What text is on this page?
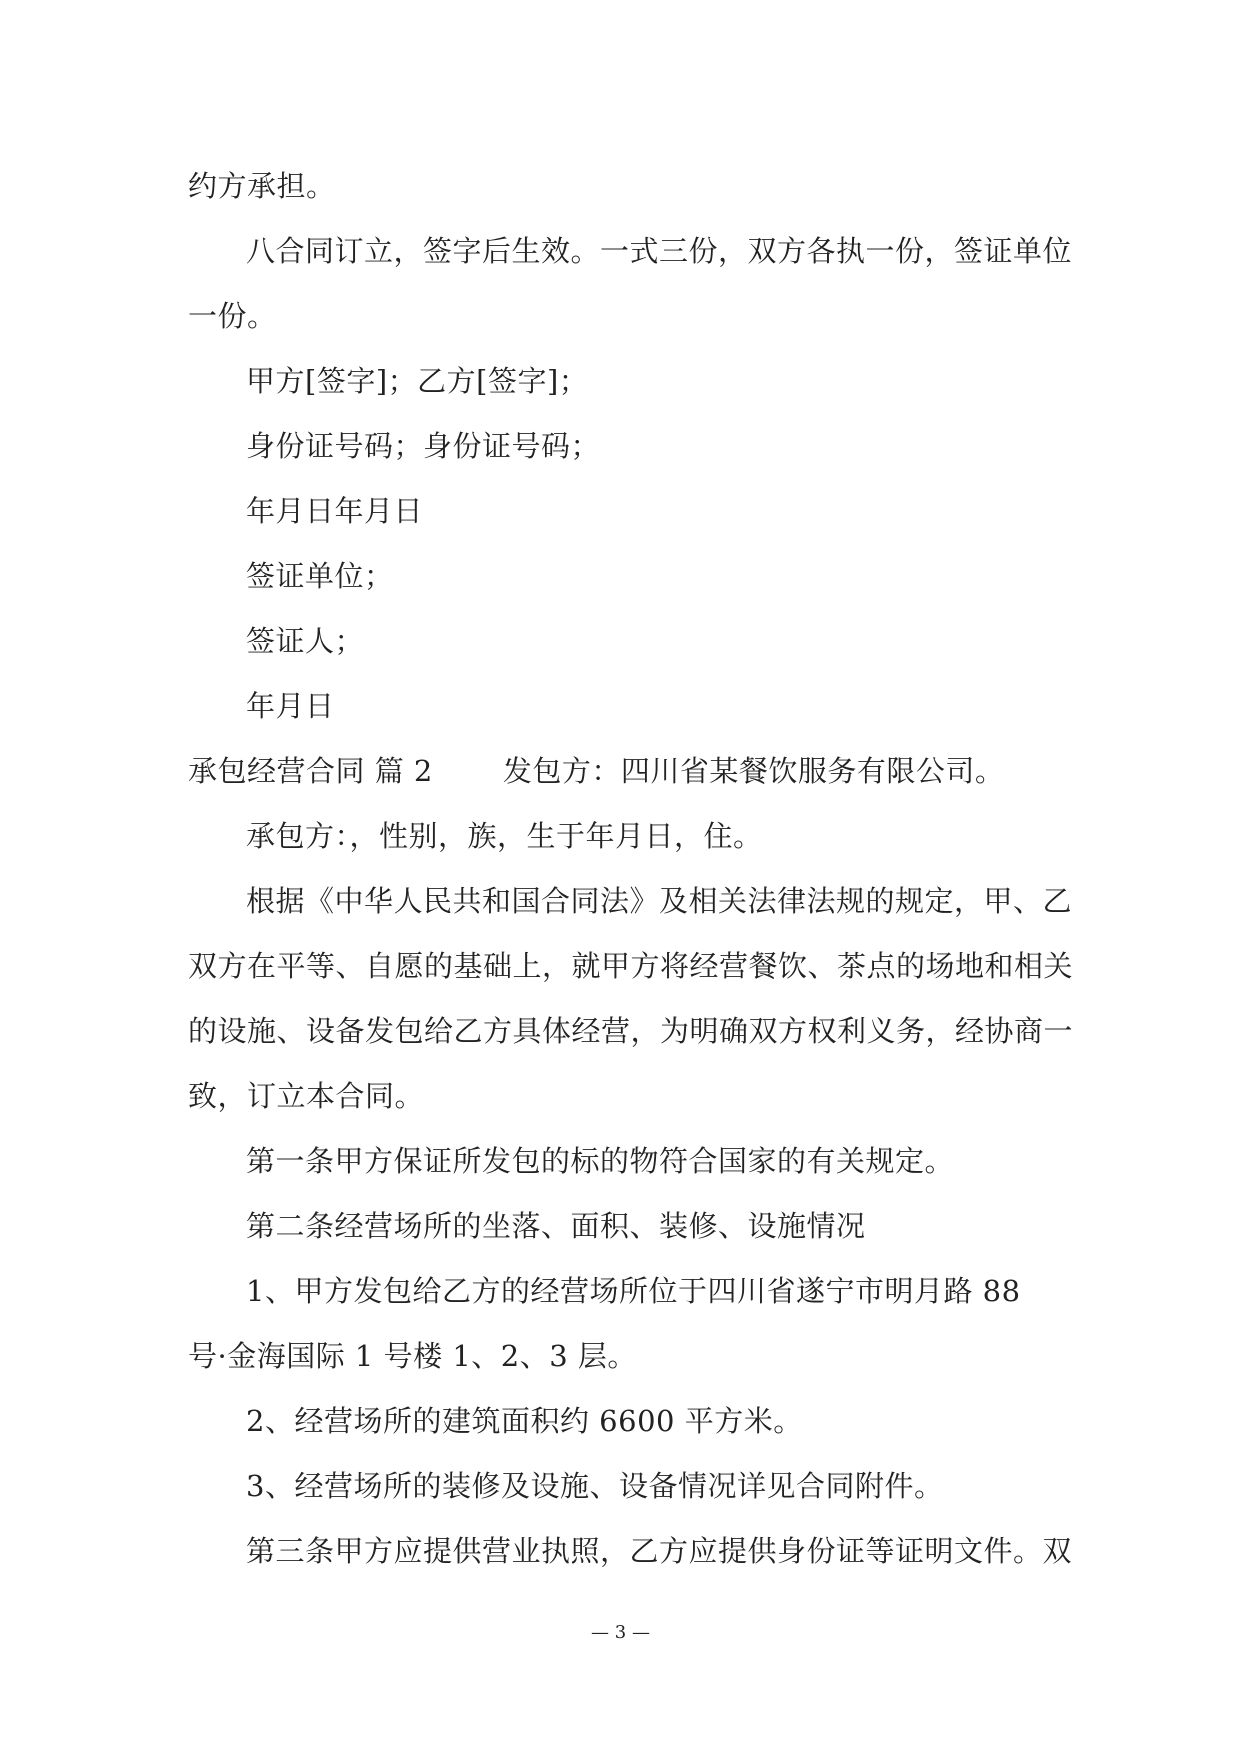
约方承担。
八合同订立，签字后生效。一式三份，双方各执一份，签证单位
一份。
甲方[签字]；乙方[签字]；
身份证号码；身份证号码；
年月日年月日
签证单位；
签证人；
年月日
承包经营合同 篇 2 发包方：四川省某餐饮服务有限公司。
承包方：，性别，族，生于年月日，住。
根据《中华人民共和国合同法》及相关法律法规的规定，甲、乙
双方在平等、自愿的基础上，就甲方将经营餐饮、茶点的场地和相关
的设施、设备发包给乙方具体经营，为明确双方权利义务，经协商一
致，订立本合同。
第一条甲方保证所发包的标的物符合国家的有关规定。
第二条经营场所的坐落、面积、装修、设施情况
1、甲方发包给乙方的经营场所位于四川省遂宁市明月路 88
号·金海国际 1 号楼 1、2、3 层。
2、经营场所的建筑面积约 6600 平方米。
3、经营场所的装修及设施、设备情况详见合同附件。
第三条甲方应提供营业执照，乙方应提供身份证等证明文件。双
— 3 —
